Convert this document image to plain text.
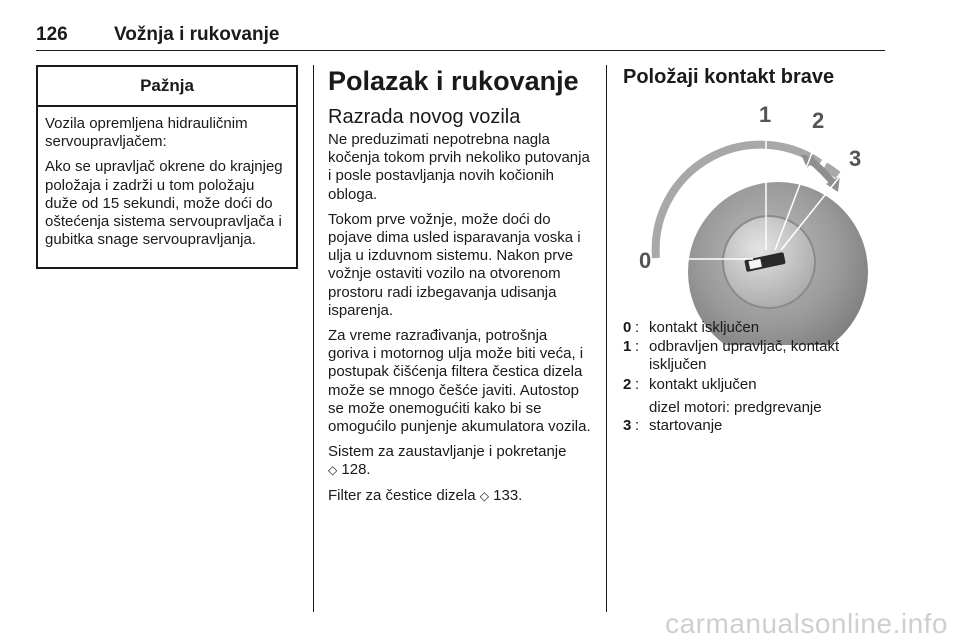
126 Vožnja i rukovanje
Pažnja

Vozila opremljena hidrauličnim servoupravljačem:

Ako se upravljač okrene do krajnjeg položaja i zadrži u tom položaju duže od 15 sekundi, može doći do oštećenja sistema servoupravljača i gubitka snage servoupravljanja.

Polazak i rukovanje
Razrada novog vozila

Ne preduzimati nepotrebna nagla kočenja tokom prvih nekoliko putovanja i posle postavljanja novih kočionih obloga.

Tokom prve vožnje, može doći do pojave dima usled isparavanja voska i ulja u izduvnom sistemu. Nakon prve vožnje ostaviti vozilo na otvorenom prostoru radi izbegavanja udisanja isparenja.

Za vreme razrađivanja, potrošnja goriva i motornog ulja može biti veća, i postupak čišćenja filtera čestica dizela može se mnogo češće javiti. Autostop se može onemogućiti kako bi se omogućilo punjenje akumulatora vozila.

Sistem za zaustavljanje i pokretanje
◇ 128.

Filter za čestice dizela ◇ 133.

Položaji kontakt brave
0
1 2
3
0 : kontakt isključen
1 : odbravljen upravljač, kontakt isključen
2 : kontakt uključen
dizel motori: predgrevanje
3 : startovanje
carmanualsonline.info
